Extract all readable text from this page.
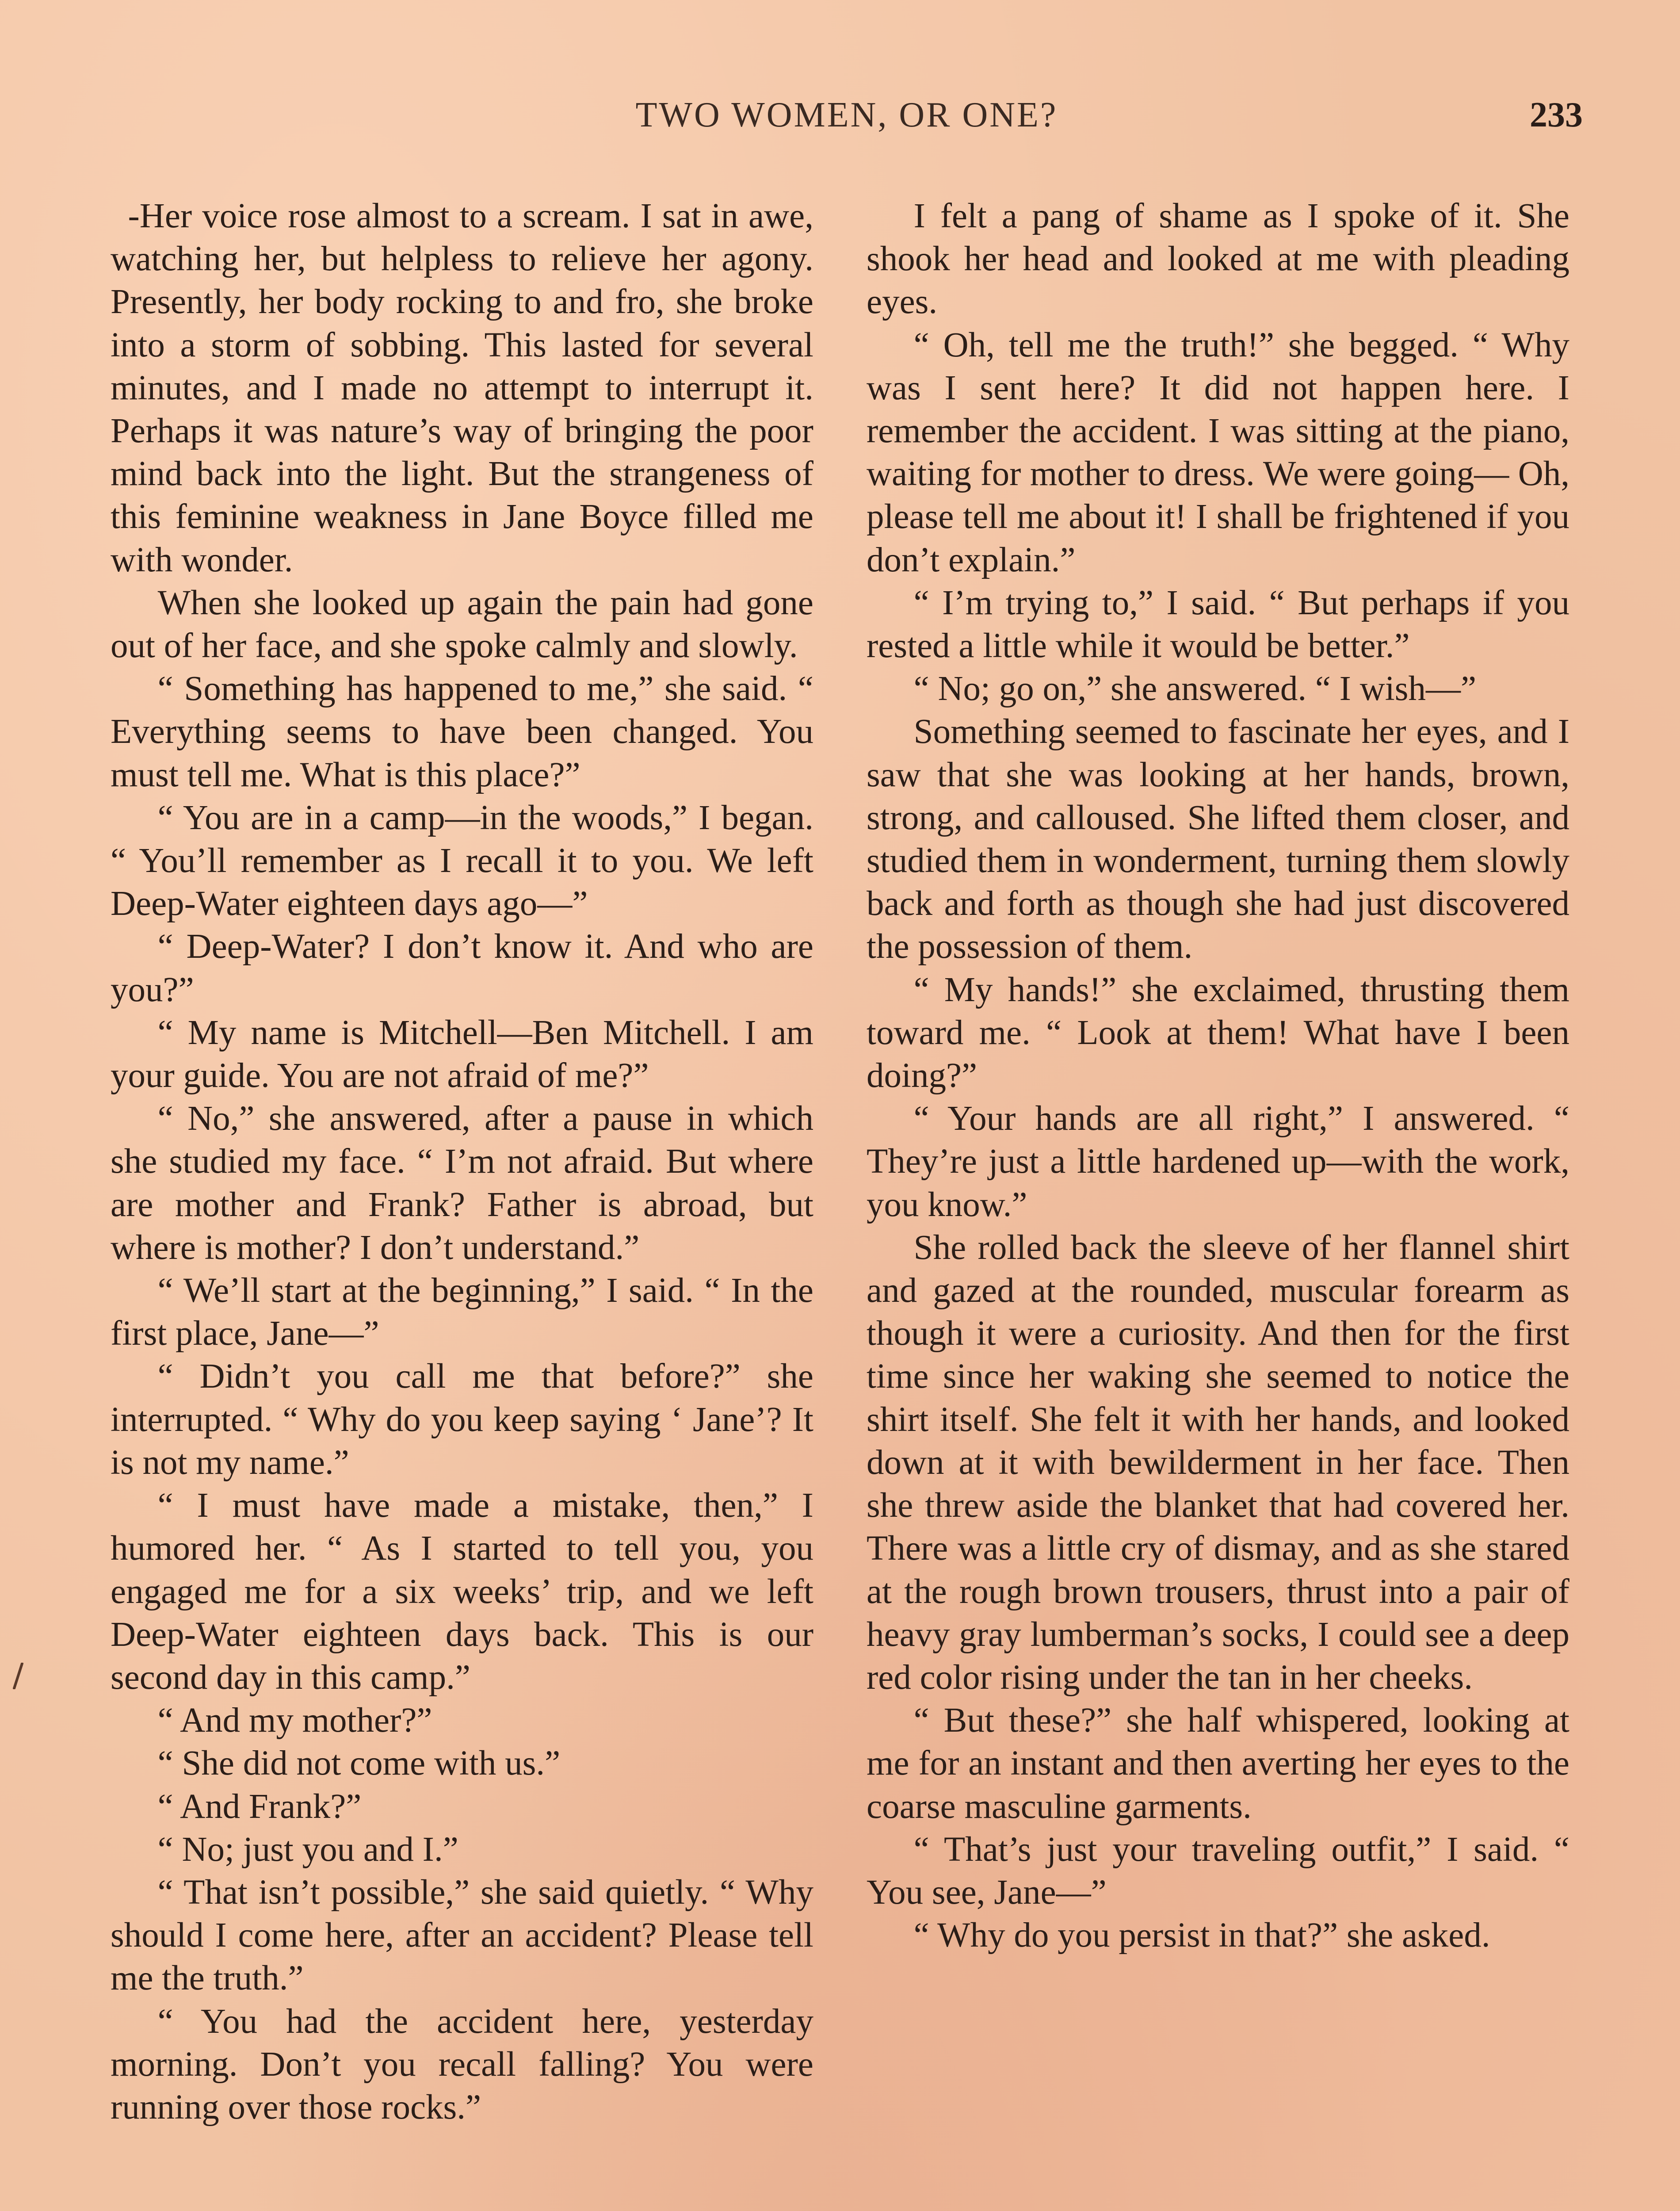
TWO WOMEN, OR ONE?	233

-Her voice rose almost to a scream. I sat in awe, watching her, but helpless to relieve her agony. Presently, her body rocking to and fro, she broke into a storm of sobbing. This lasted for several minutes, and I made no attempt to interrupt it. Perhaps it was nature’s way of bringing the poor mind back into the light. But the strangeness of this feminine weakness in Jane Boyce filled me with wonder.

When she looked up again the pain had gone out of her face, and she spoke calmly and slowly.

“ Something has happened to me,” she said. “ Everything seems to have been changed. You must tell me. What is this place?”

“ You are in a camp—in the woods,” I began. “ You’ll remember as I recall it to you. We left Deep-Water eighteen days ago—”

“ Deep-Water? I don’t know it. And who are you?”

“ My name is Mitchell—Ben Mitchell. I am your guide. You are not afraid of me?”

“ No,” she answered, after a pause in which she studied my face. “ I’m not afraid. But where are mother and Frank? Father is abroad, but where is mother? I don’t understand.”

“ We’ll start at the beginning,” I said. “ In the first place, Jane—”

“ Didn’t you call me that before?” she interrupted. “ Why do you keep saying ‘ Jane’? It is not my name.”

“ I must have made a mistake, then,” I humored her. “ As I started to tell you, you engaged me for a six weeks’ trip, and we left Deep-Water eighteen days back. This is our second day in this camp.”

“ And my mother?”

“ She did not come with us.”

“ And Frank?”

“ No; just you and I.”

“ That isn’t possible,” she said quietly. “ Why should I come here, after an accident? Please tell me the truth.”

“ You had the accident here, yesterday morning. Don’t you recall falling? You were running over those rocks.”

I felt a pang of shame as I spoke of it. She shook her head and looked at me with pleading eyes.

“ Oh, tell me the truth!” she begged. “ Why was I sent here? It did not happen here. I remember the accident. I was sitting at the piano, waiting for mother to dress. We were going— Oh, please tell me about it! I shall be frightened if you don’t explain.”

“ I’m trying to,” I said. “ But perhaps if you rested a little while it would be better.”

“ No; go on,” she answered. “ I wish—”

Something seemed to fascinate her eyes, and I saw that she was looking at her hands, brown, strong, and calloused. She lifted them closer, and studied them in wonderment, turning them slowly back and forth as though she had just discovered the possession of them.

“ My hands!” she exclaimed, thrusting them toward me. “ Look at them! What have I been doing?”

“ Your hands are all right,” I answered. “ They’re just a little hardened up—with the work, you know.”

She rolled back the sleeve of her flannel shirt and gazed at the rounded, muscular forearm as though it were a curiosity. And then for the first time since her waking she seemed to notice the shirt itself. She felt it with her hands, and looked down at it with bewilderment in her face. Then she threw aside the blanket that had covered her. There was a little cry of dismay, and as she stared at the rough brown trousers, thrust into a pair of heavy gray lumberman’s socks, I could see a deep red color rising under the tan in her cheeks.

“ But these?” she half whispered, looking at me for an instant and then averting her eyes to the coarse masculine garments.

“ That’s just your traveling outfit,” I said. “ You see, Jane—”

“ Why do you persist in that?” she asked.
